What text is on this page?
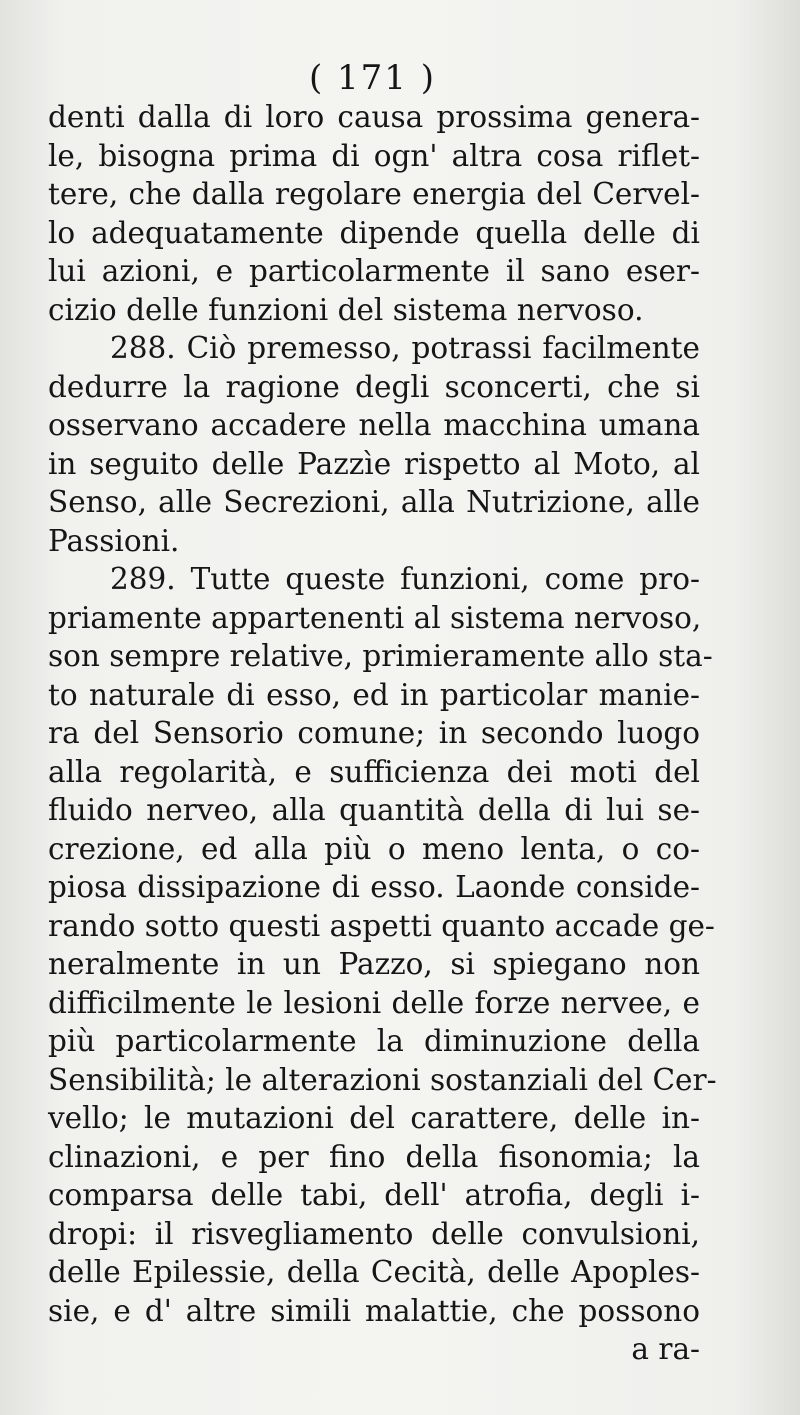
( 171 )
denti dalla di loro causa prossima genera-
le, bisogna prima di ogn' altra cosa riflet-
tere, che dalla regolare energia del Cervel-
lo adequatamente dipende quella delle di
lui azioni, e particolarmente il sano eser-
cizio delle funzioni del sistema nervoso.
288. Ciò premesso, potrassi facilmente
dedurre la ragione degli sconcerti, che si
osservano accadere nella macchina umana
in seguito delle Pazzìe rispetto al Moto, al
Senso, alle Secrezioni, alla Nutrizione, alle
Passioni.
289. Tutte queste funzioni, come pro-
priamente appartenenti al sistema nervoso,
son sempre relative, primieramente allo sta-
to naturale di esso, ed in particolar manie-
ra del Sensorio comune; in secondo luogo
alla regolarità, e sufficienza dei moti del
fluido nerveo, alla quantità della di lui se-
crezione, ed alla più o meno lenta, o co-
piosa dissipazione di esso. Laonde conside-
rando sotto questi aspetti quanto accade ge-
neralmente in un Pazzo, si spiegano non
difficilmente le lesioni delle forze nervee, e
più particolarmente la diminuzione della
Sensibilità; le alterazioni sostanziali del Cer-
vello; le mutazioni del carattere, delle in-
clinazioni, e per fino della fisonomia; la
comparsa delle tabi, dell' atrofia, degli i-
dropi: il risvegliamento delle convulsioni,
delle Epilessie, della Cecità, delle Apoples-
sie, e d' altre simili malattie, che possono
a ra-
